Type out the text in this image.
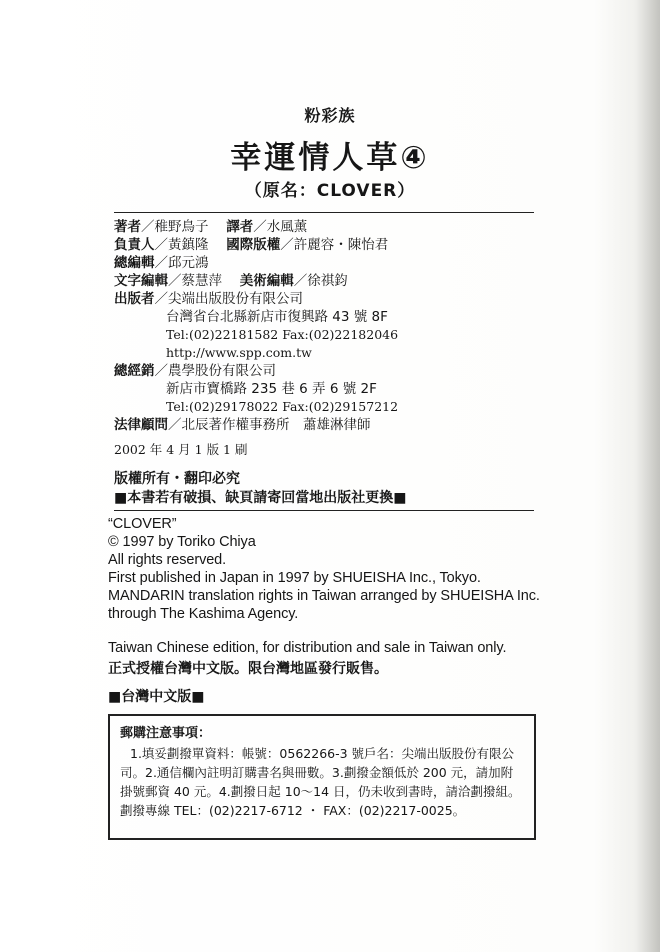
粉彩族
幸運情人草④
（原名：CLOVER）
著者／稚野鳥子　 譯者／水風薰
負責人／黃鎮隆　 國際版權／許麗容・陳怡君
總編輯／邱元鴻
文字編輯／蔡慧萍　 美術編輯／徐祺鈞
出版者／尖端出版股份有限公司
台灣省台北縣新店市復興路 43 號 8F
Tel:(02)22181582 Fax:(02)22182046
http://www.spp.com.tw
總經銷／農學股份有限公司
新店市寶橋路 235 巷 6 弄 6 號 2F
Tel:(02)29178022 Fax:(02)29157212
法律顧問／北辰著作權事務所　蕭雄淋律師
2002 年 4 月 1 版 1 刷
版權所有・翻印必究
■本書若有破損、缺頁請寄回當地出版社更換■
“CLOVER”
© 1997 by Toriko Chiya
All rights reserved.
First published in Japan in 1997 by SHUEISHA Inc., Tokyo.
MANDARIN translation rights in Taiwan arranged by SHUEISHA Inc.
through The Kashima Agency.
Taiwan Chinese edition, for distribution and sale in Taiwan only.
正式授權台灣中文版。限台灣地區發行販售。
■台灣中文版■
郵購注意事項：
1.填妥劃撥單資料：帳號：0562266-3 號戶名：尖端出版股份有限公司。2.通信欄內註明訂購書名與冊數。3.劃撥金額低於 200 元，請加附掛號郵資 40 元。4.劃撥日起 10～14 日，仍未收到書時，請洽劃撥組。劃撥專線 TEL：(02)2217-6712 ・ FAX：(02)2217-0025。
